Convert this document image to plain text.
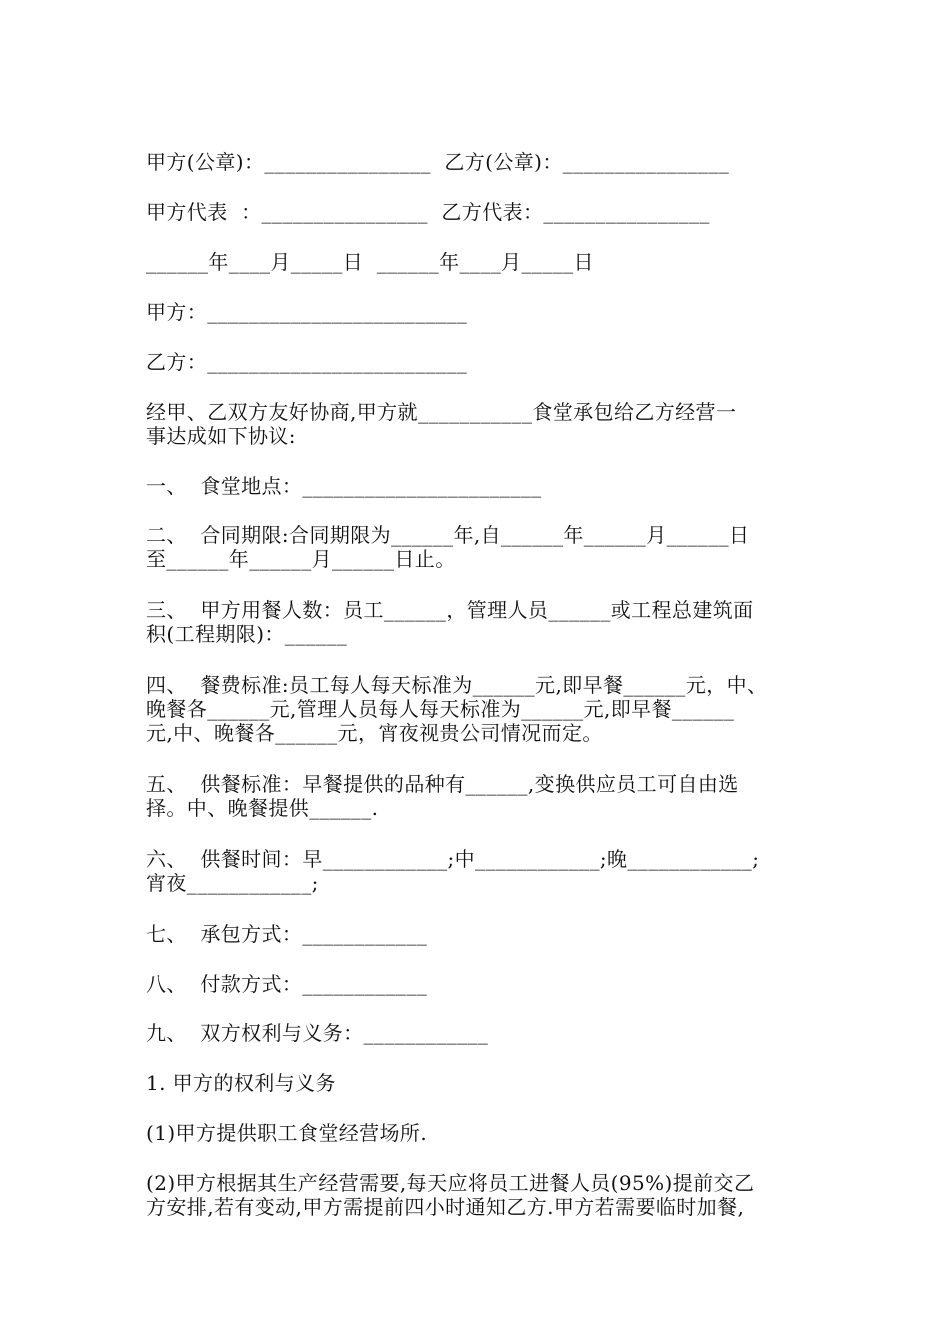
甲方(公章)：________________  乙方(公章)：________________
甲方代表  ：________________  乙方代表：________________
______年____月_____日  ______年____月_____日
甲方：_________________________
乙方：_________________________
经甲、乙双方友好协商,甲方就___________食堂承包给乙方经营一
事达成如下协议:
一、  食堂地点：_______________________
二、  合同期限:合同期限为______年,自______年______月______日
至______年______月______日止。
三、  甲方用餐人数：员工______，管理人员______或工程总建筑面
积(工程期限)：______
四、  餐费标准:员工每人每天标准为______元,即早餐______元，中、
晚餐各______元,管理人员每人每天标准为______元,即早餐______
元,中、晚餐各______元，宵夜视贵公司情况而定。
五、  供餐标准：早餐提供的品种有______,变换供应员工可自由选
择。中、晚餐提供______.
六、  供餐时间：早____________;中____________;晚____________;
宵夜____________;
七、  承包方式：____________
八、  付款方式：____________
九、  双方权利与义务：____________
1. 甲方的权利与义务
(1)甲方提供职工食堂经营场所.
(2)甲方根据其生产经营需要,每天应将员工进餐人员(95%)提前交乙
方安排,若有变动,甲方需提前四小时通知乙方.甲方若需要临时加餐,
